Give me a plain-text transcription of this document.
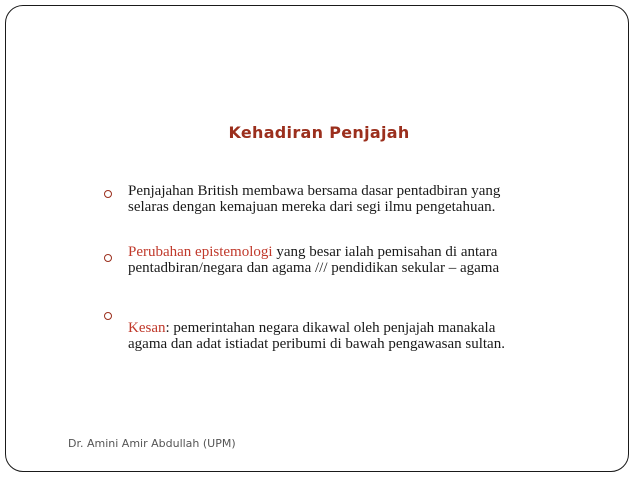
Kehadiran Penjajah
Penjajahan British membawa bersama dasar pentadbiran yang selaras dengan kemajuan mereka dari segi ilmu pengetahuan.
Perubahan epistemologi yang besar ialah pemisahan di antara pentadbiran/negara dan agama /// pendidikan sekular – agama
Kesan: pemerintahan negara dikawal oleh penjajah manakala agama dan adat istiadat peribumi di bawah pengawasan sultan.
Dr. Amini Amir Abdullah (UPM)
